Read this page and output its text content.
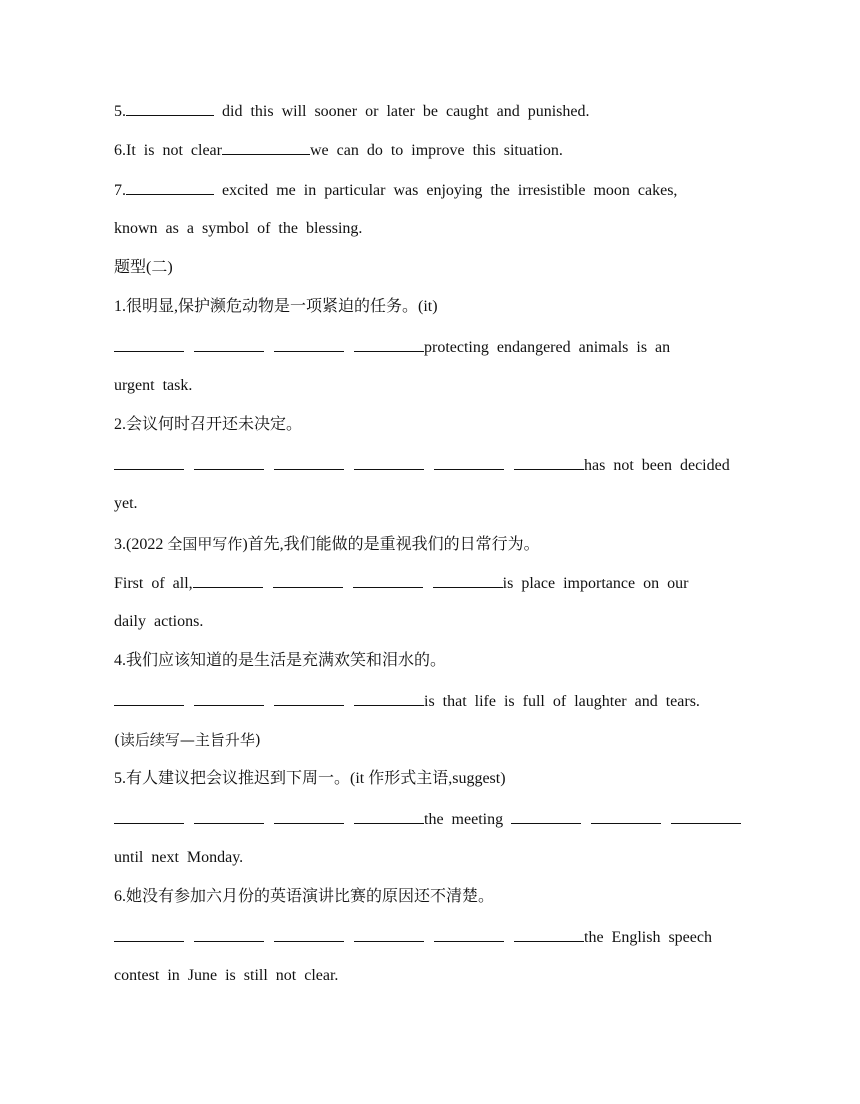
5.	did this will sooner or later be caught and punished.
6.It is not clear	we can do to improve this situation.
7.	excited me in particular was enjoying the irresistible moon cakes,
known as a symbol of the blessing.
题型(二)
1.很明显,保护濒危动物是一项紧迫的任务。(it)
protecting endangered animals is an
urgent task.
2.会议何时召开还未决定。
has not been decided
yet.
3.(2022 全国甲写作)首先,我们能做的是重视我们的日常行为。
First of all,	is place importance on our
daily actions.
4.我们应该知道的是生活是充满欢笑和泪水的。
is that life is full of laughter and tears.
(读后续写—主旨升华)
5.有人建议把会议推迟到下周一。(it 作形式主语,suggest)
the meeting
until next Monday.
6.她没有参加六月份的英语演讲比赛的原因还不清楚。
the English speech
contest in June is still not clear.
